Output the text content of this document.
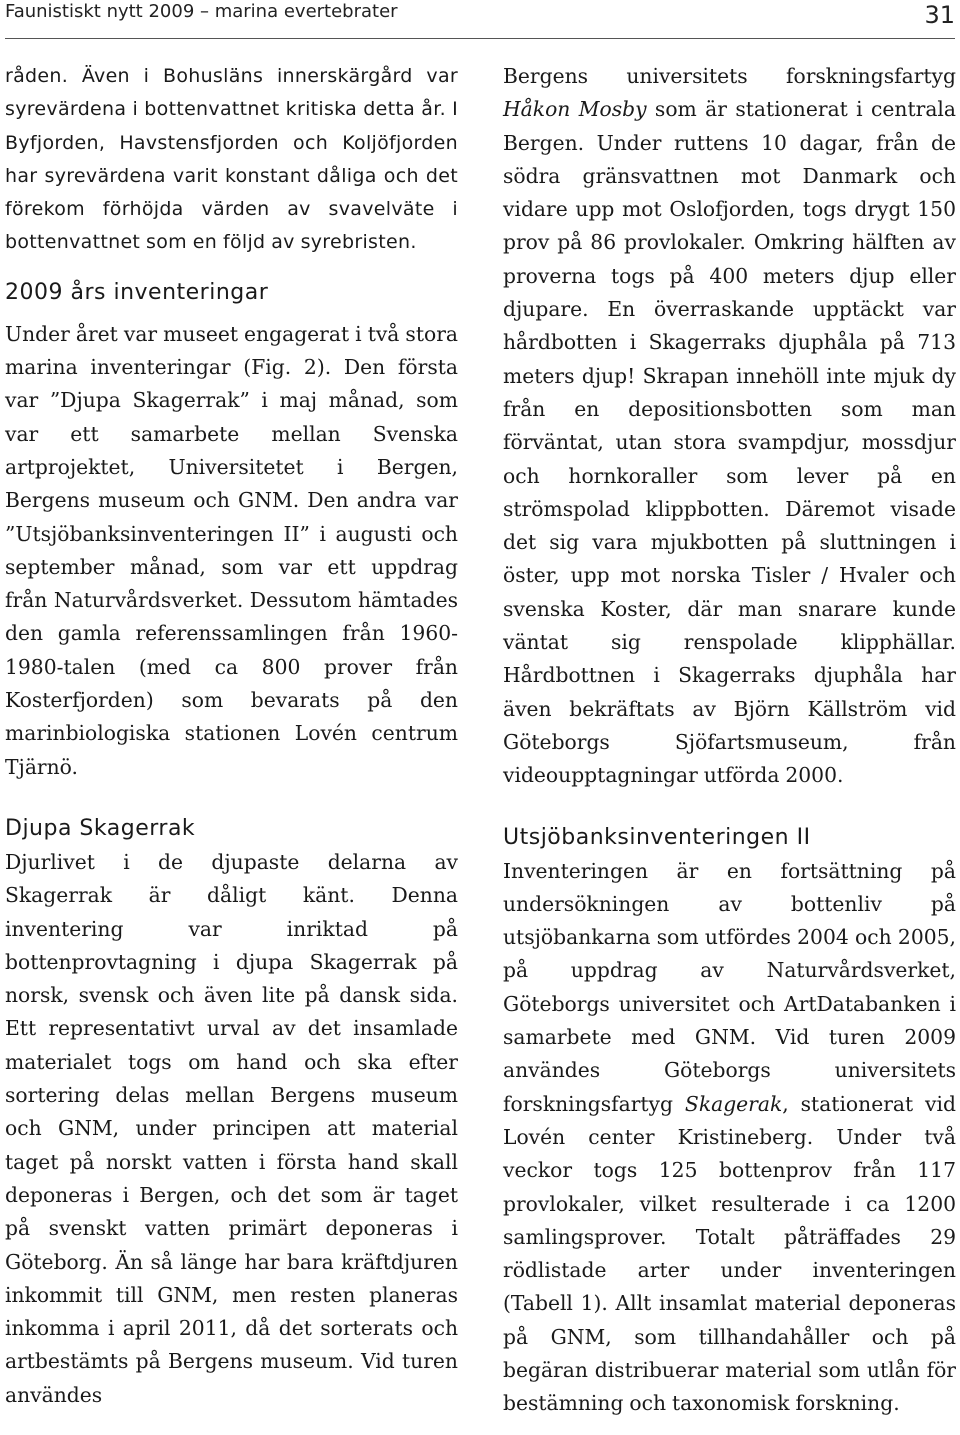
Faunistiskt nytt 2009 – marina evertebrater	31

råden. Även i Bohusläns innerskärgård var syrevärdena i bottenvattnet kritiska detta år. I Byfjorden, Havstensfjorden och Koljöfjorden har syrevärdena varit konstant dåliga och det förekom förhöjda värden av svavelväte i bottenvattnet som en följd av syrebristen.

2009 års inventeringar

Under året var museet engagerat i två stora marina inventeringar (Fig. 2). Den första var ”Djupa Skagerrak” i maj månad, som var ett samarbete mellan Svenska artprojektet, Universitetet i Bergen, Bergens museum och GNM. Den andra var ”Utsjöbanksinventeringen II” i augusti och september månad, som var ett uppdrag från Naturvårdsverket. Dessutom hämtades den gamla referenssamlingen från 1960-1980-talen (med ca 800 prover från Kosterfjorden) som bevarats på den marinbiologiska stationen Lovén centrum Tjärnö.

Djupa Skagerrak

Djurlivet i de djupaste delarna av Skagerrak är dåligt känt. Denna inventering var inriktad på bottenprovtagning i djupa Skagerrak på norsk, svensk och även lite på dansk sida. Ett representativt urval av det insamlade materialet togs om hand och ska efter sortering delas mellan Bergens museum och GNM, under principen att material taget på norskt vatten i första hand skall deponeras i Bergen, och det som är taget på svenskt vatten primärt deponeras i Göteborg. Än så länge har bara kräftdjuren inkommit till GNM, men resten planeras inkomma i april 2011, då det sorterats och artbestämts på Bergens museum. Vid turen användes

Bergens universitets forskningsfartyg Håkon Mosby som är stationerat i centrala Bergen. Under ruttens 10 dagar, från de södra gränsvattnen mot Danmark och vidare upp mot Oslofjorden, togs drygt 150 prov på 86 provlokaler. Omkring hälften av proverna togs på 400 meters djup eller djupare. En överraskande upptäckt var hårdbotten i Skagerraks djuphåla på 713 meters djup! Skrapan innehöll inte mjuk dy från en depositionsbotten som man förväntat, utan stora svampdjur, mossdjur och hornkoraller som lever på en strömspolad klippbotten. Däremot visade det sig vara mjukbotten på sluttningen i öster, upp mot norska Tisler / Hvaler och svenska Koster, där man snarare kunde väntat sig renspolade klipphällar. Hårdbottnen i Skagerraks djuphåla har även bekräftats av Björn Källström vid Göteborgs Sjöfartsmuseum, från videoupptagningar utförda 2000.

Utsjöbanksinventeringen II

Inventeringen är en fortsättning på undersökningen av bottenliv på utsjöbankarna som utfördes 2004 och 2005, på uppdrag av Naturvårdsverket, Göteborgs universitet och ArtDatabanken i samarbete med GNM. Vid turen 2009 användes Göteborgs universitets forskningsfartyg Skagerak, stationerat vid Lovén center Kristineberg. Under två veckor togs 125 bottenprov från 117 provlokaler, vilket resulterade i ca 1200 samlingsprover. Totalt påträffades 29 rödlistade arter under inventeringen (Tabell 1). Allt insamlat material deponeras på GNM, som tillhandahåller och på begäran distribuerar material som utlån för bestämning och taxonomisk forskning.
